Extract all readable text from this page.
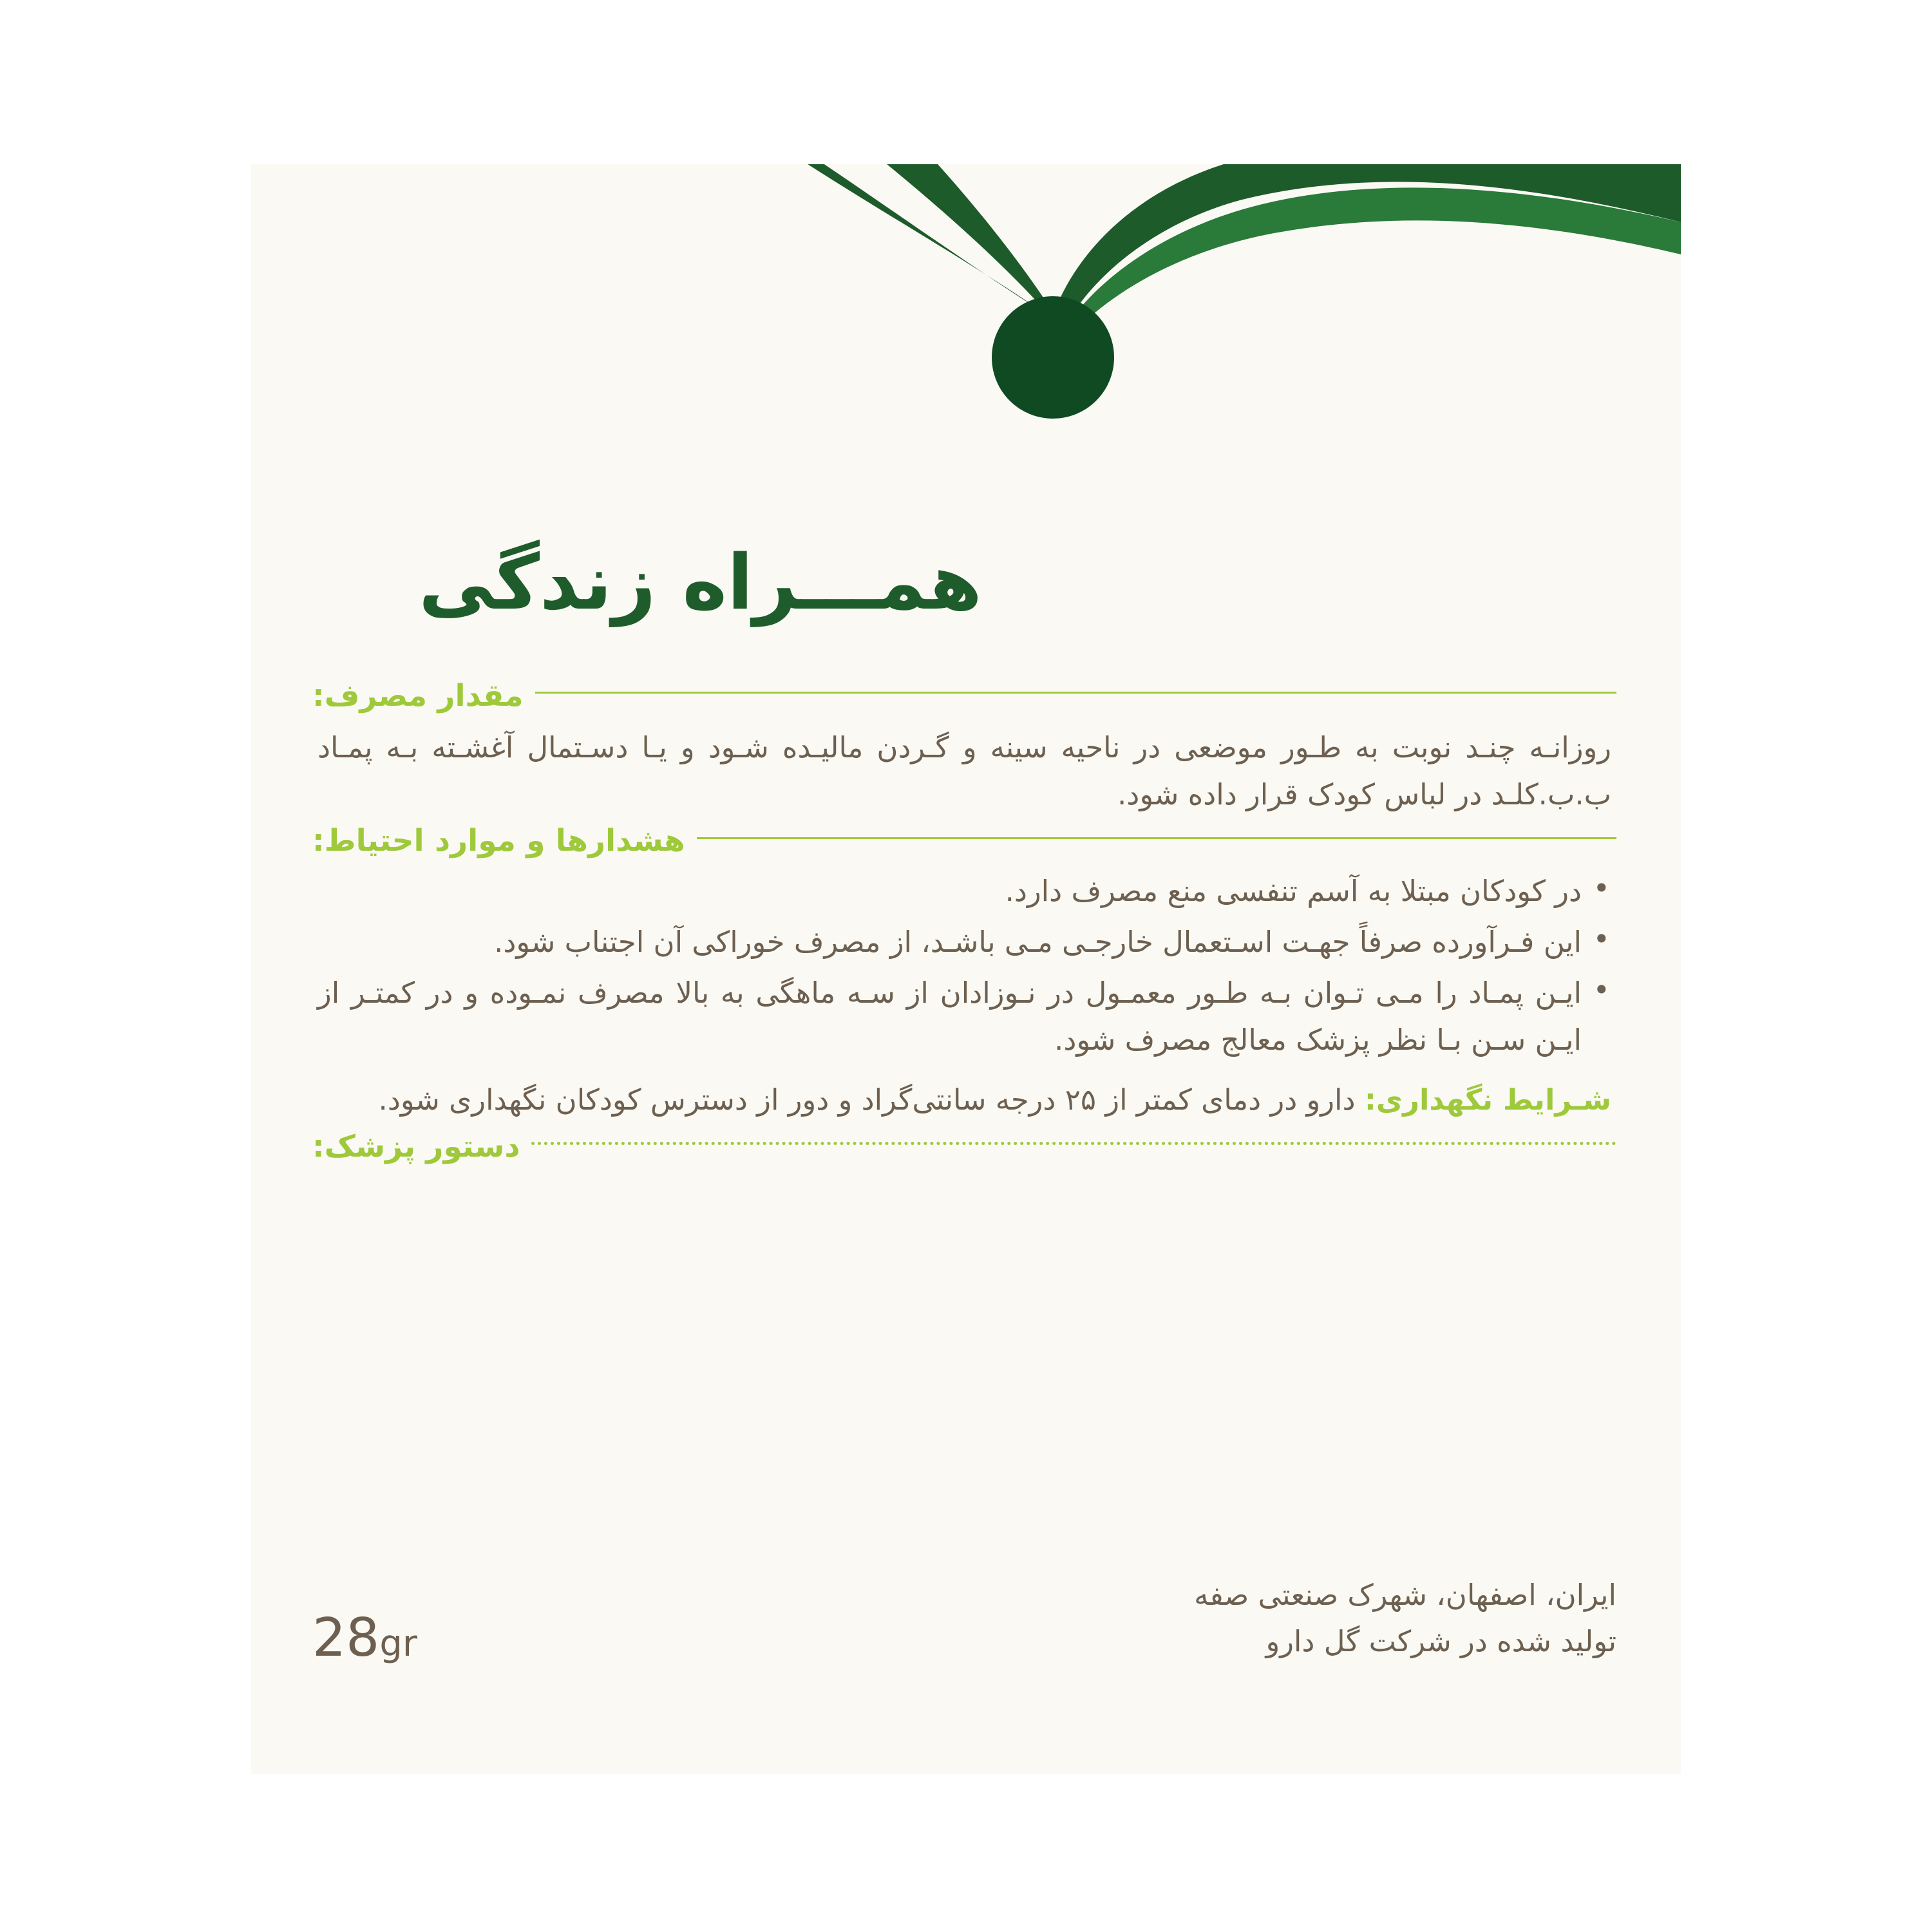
همـــراه زندگی
مقدار مصرف:

روزانـه چنـد نوبت به طـور موضعی در ناحیه سینه و گـردن مالیـده شـود و یـا دسـتمال آغشـته بـه پمـاد ب.ب.کلـد در لباس کودک قرار داده شود.

هشدارها و موارد احتیاط:
• در کودکان مبتلا به آسم تنفسی منع مصرف دارد.
• این فـرآورده صرفاً جهـت اسـتعمال خارجـی مـی باشـد، از مصرف خوراکی آن اجتناب شود.
• ایـن پمـاد را مـی تـوان بـه طـور معمـول در نـوزادان از سـه ماهگی به بالا مصرف نمـوده و در کمتـر از ایـن سـن بـا نظر پزشک معالج مصرف شود.
شـرایط نگهداری: دارو در دمای کمتر از ۲۵ درجه سانتی‌گراد و دور از دسترس کودکان نگهداری شود.
دستور پزشک:
ایران، اصفهان، شهرک صنعتی صفه
تولید شده در شرکت گل دارو
28gr
